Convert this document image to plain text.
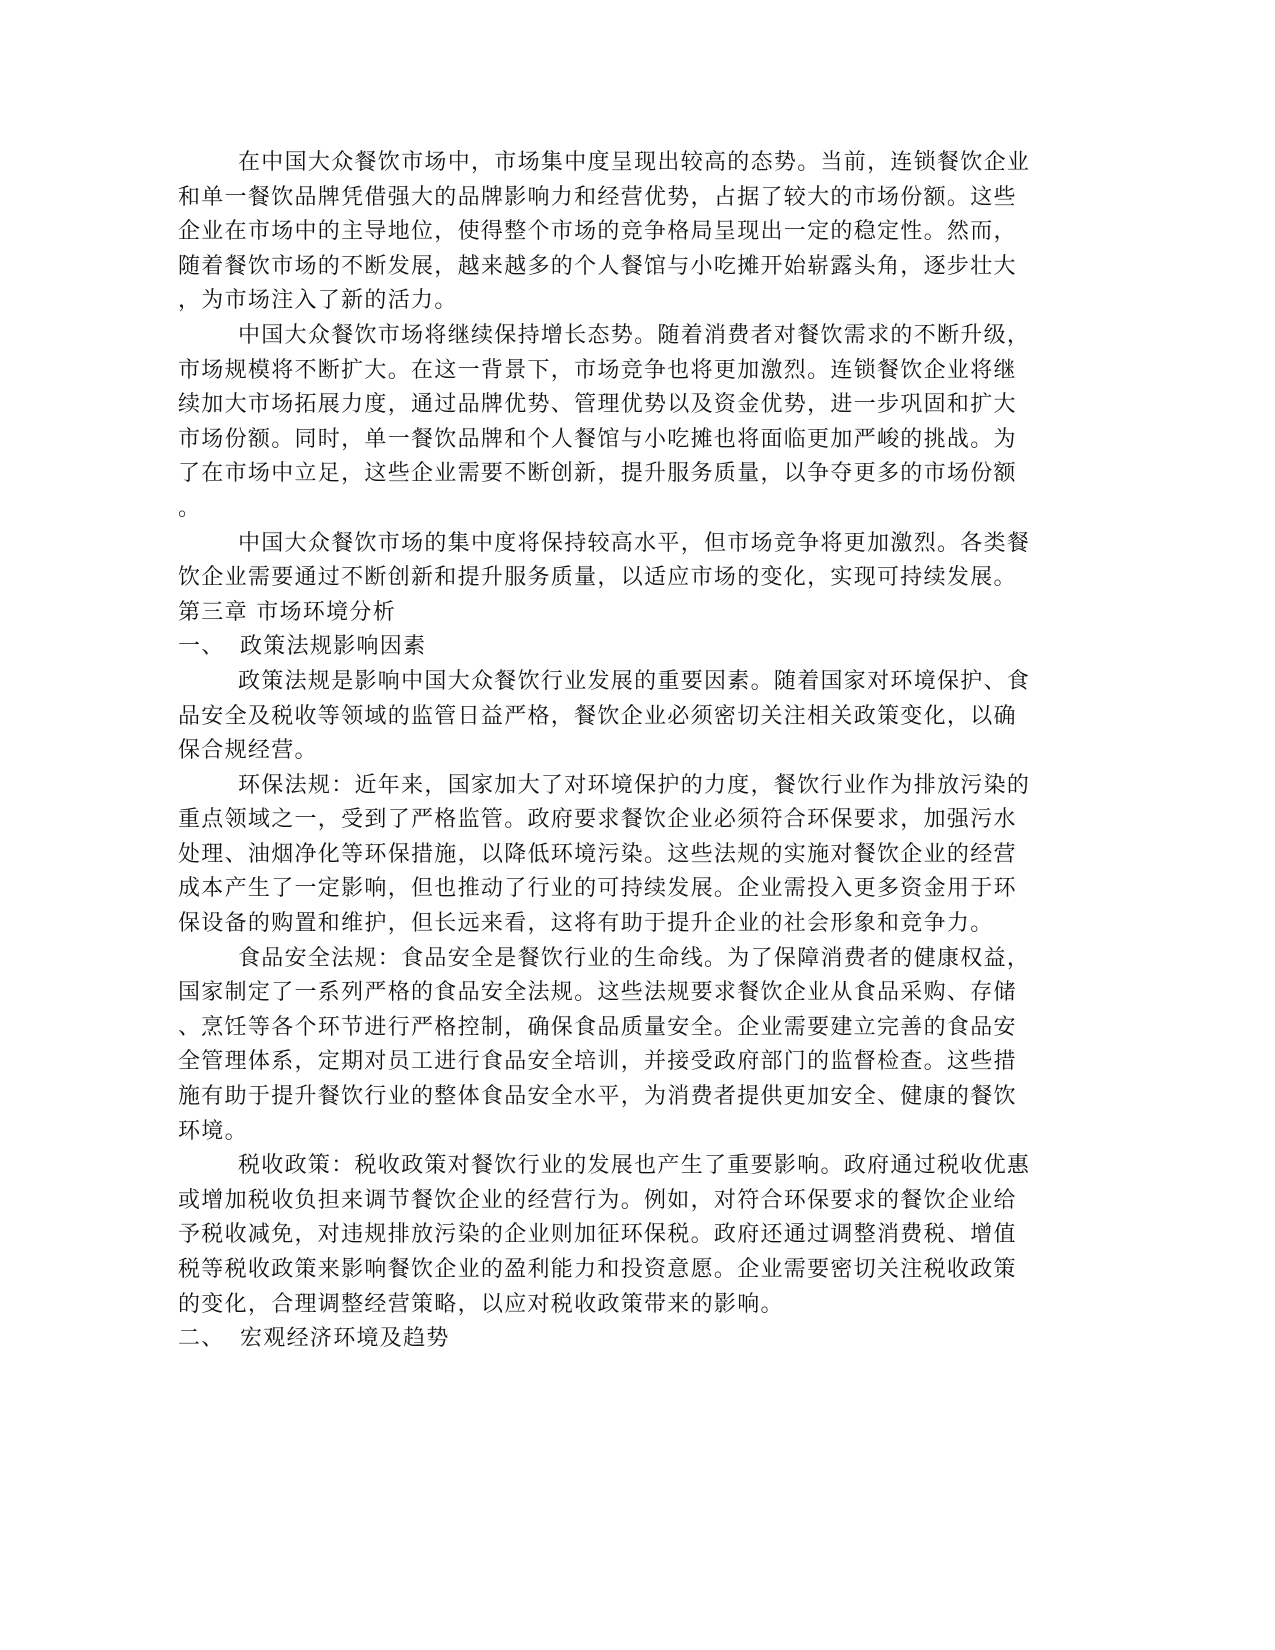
在中国大众餐饮市场中，市场集中度呈现出较高的态势。当前，连锁餐饮企业
和单一餐饮品牌凭借强大的品牌影响力和经营优势，占据了较大的市场份额。这些
企业在市场中的主导地位，使得整个市场的竞争格局呈现出一定的稳定性。然而，
随着餐饮市场的不断发展，越来越多的个人餐馆与小吃摊开始崭露头角，逐步壮大
，为市场注入了新的活力。
中国大众餐饮市场将继续保持增长态势。随着消费者对餐饮需求的不断升级，
市场规模将不断扩大。在这一背景下，市场竞争也将更加激烈。连锁餐饮企业将继
续加大市场拓展力度，通过品牌优势、管理优势以及资金优势，进一步巩固和扩大
市场份额。同时，单一餐饮品牌和个人餐馆与小吃摊也将面临更加严峻的挑战。为
了在市场中立足，这些企业需要不断创新，提升服务质量，以争夺更多的市场份额
。
中国大众餐饮市场的集中度将保持较高水平，但市场竞争将更加激烈。各类餐
饮企业需要通过不断创新和提升服务质量，以适应市场的变化，实现可持续发展。
第三章 市场环境分析
一、 政策法规影响因素
政策法规是影响中国大众餐饮行业发展的重要因素。随着国家对环境保护、食
品安全及税收等领域的监管日益严格，餐饮企业必须密切关注相关政策变化，以确
保合规经营。
环保法规：近年来，国家加大了对环境保护的力度，餐饮行业作为排放污染的
重点领域之一，受到了严格监管。政府要求餐饮企业必须符合环保要求，加强污水
处理、油烟净化等环保措施，以降低环境污染。这些法规的实施对餐饮企业的经营
成本产生了一定影响，但也推动了行业的可持续发展。企业需投入更多资金用于环
保设备的购置和维护，但长远来看，这将有助于提升企业的社会形象和竞争力。
食品安全法规：食品安全是餐饮行业的生命线。为了保障消费者的健康权益，
国家制定了一系列严格的食品安全法规。这些法规要求餐饮企业从食品采购、存储
、烹饪等各个环节进行严格控制，确保食品质量安全。企业需要建立完善的食品安
全管理体系，定期对员工进行食品安全培训，并接受政府部门的监督检查。这些措
施有助于提升餐饮行业的整体食品安全水平，为消费者提供更加安全、健康的餐饮
环境。
税收政策：税收政策对餐饮行业的发展也产生了重要影响。政府通过税收优惠
或增加税收负担来调节餐饮企业的经营行为。例如，对符合环保要求的餐饮企业给
予税收减免，对违规排放污染的企业则加征环保税。政府还通过调整消费税、增值
税等税收政策来影响餐饮企业的盈利能力和投资意愿。企业需要密切关注税收政策
的变化，合理调整经营策略，以应对税收政策带来的影响。
二、 宏观经济环境及趋势
